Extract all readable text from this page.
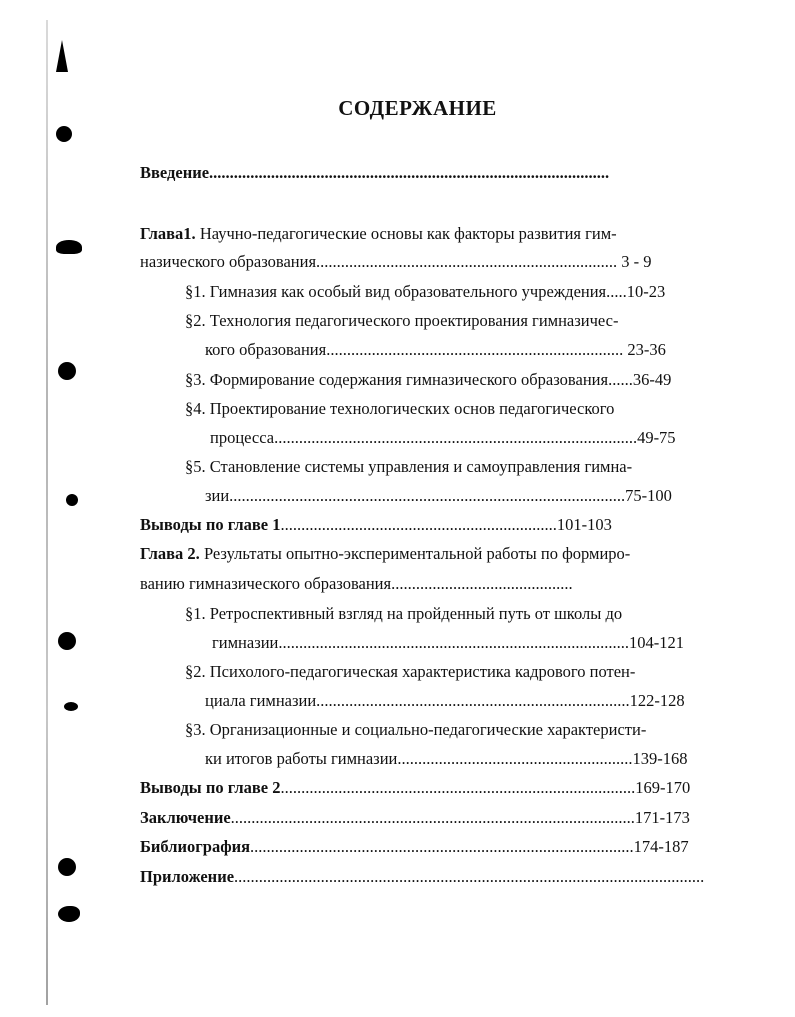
СОДЕРЖАНИЕ
Введение.................................................................................................
Глава1. Научно-педагогические основы как факторы развития гим-
назического образования......................................................................... 3 - 9
§1. Гимназия как особый вид образовательного учреждения.....10-23
§2. Технология педагогического проектирования гимназичес-
кого образования........................................................................ 23-36
§3. Формирование содержания гимназического образования......36-49
§4. Проектирование технологических основ педагогического
процесса........................................................................................49-75
§5. Становление системы управления и самоуправления гимна-
зии................................................................................................75-100
Выводы по главе 1...................................................................101-103
Глава 2. Результаты опытно-экспериментальной работы по формиро-
ванию гимназического образования............................................
§1. Ретроспективный взгляд на пройденный путь от школы до
гимназии.....................................................................................104-121
§2. Психолого-педагогическая характеристика кадрового потен-
циала гимназии............................................................................122-128
§3. Организационные и социально-педагогические характеристи-
ки итогов работы гимназии.........................................................139-168
Выводы по главе 2......................................................................................169-170
Заключение..................................................................................................171-173
Библиография.............................................................................................174-187
Приложение..................................................................................................................
